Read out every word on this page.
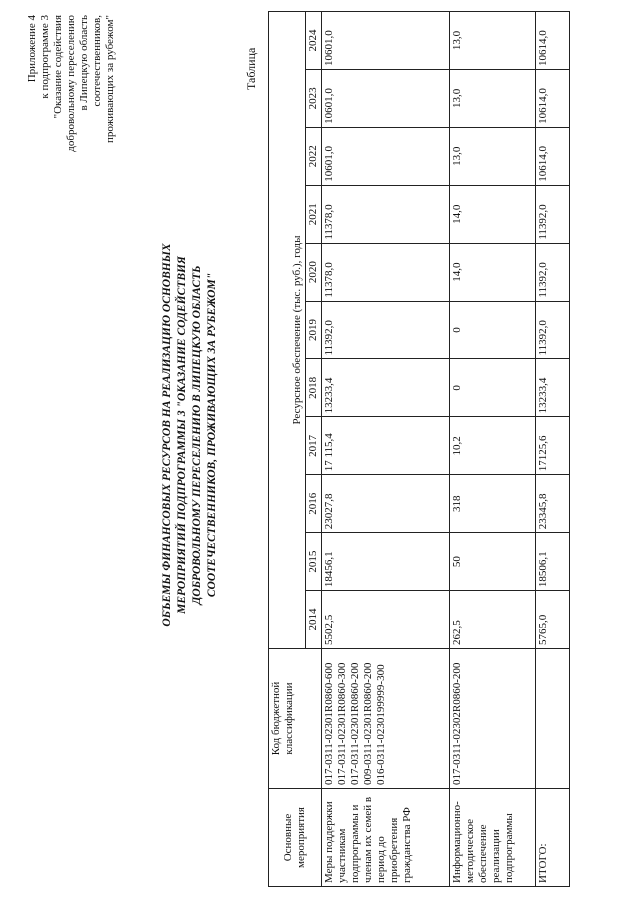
Приложение 4 к подпрограмме 3 "Оказание содействия добровольному переселению в Липецкую область соотечественников, проживающих за рубежом"
ОБЪЕМЫ ФИНАНСОВЫХ РЕСУРСОВ НА РЕАЛИЗАЦИЮ ОСНОВНЫХ МЕРОПРИЯТИЙ ПОДПРОГРАММЫ 3 "ОКАЗАНИЕ СОДЕЙСТВИЯ ДОБРОВОЛЬНОМУ ПЕРЕСЕЛЕНИЮ В ЛИПЕЦКУЮ ОБЛАСТЬ СООТЕЧЕСТВЕННИКОВ, ПРОЖИВАЮЩИХ ЗА РУБЕЖОМ"
Таблица
Основные мероприятия	Код бюджетной классификации	Ресурсное обеспечение (тыс. руб.), годы										
		2014	2015	2016	2017	2018	2019	2020	2021	2022	2023	2024
Меры поддержки участникам подпрограммы и членам их семей в период до приобретения гражданства РФ	017-0311-02301R0860-600 017-0311-02301R0860-300 017-0311-02301R0860-200 009-0311-02301R0860-200 016-0311-0230199999-300	5502,5	18456,1	23027,8	17 115,4	13233,4	11392,0	11378,0	11378,0	10601,0	10601,0	10601,0
Информационно-методическое обеспечение реализации подпрограммы	017-0311-02302R0860-200	262,5	50	318	10,2	0	0	14,0	14,0	13,0	13,0	13,0
ИТОГО:		5765,0	18506,1	23345,8	17125,6	13233,4	11392,0	11392,0	11392,0	10614,0	10614,0	10614,0
